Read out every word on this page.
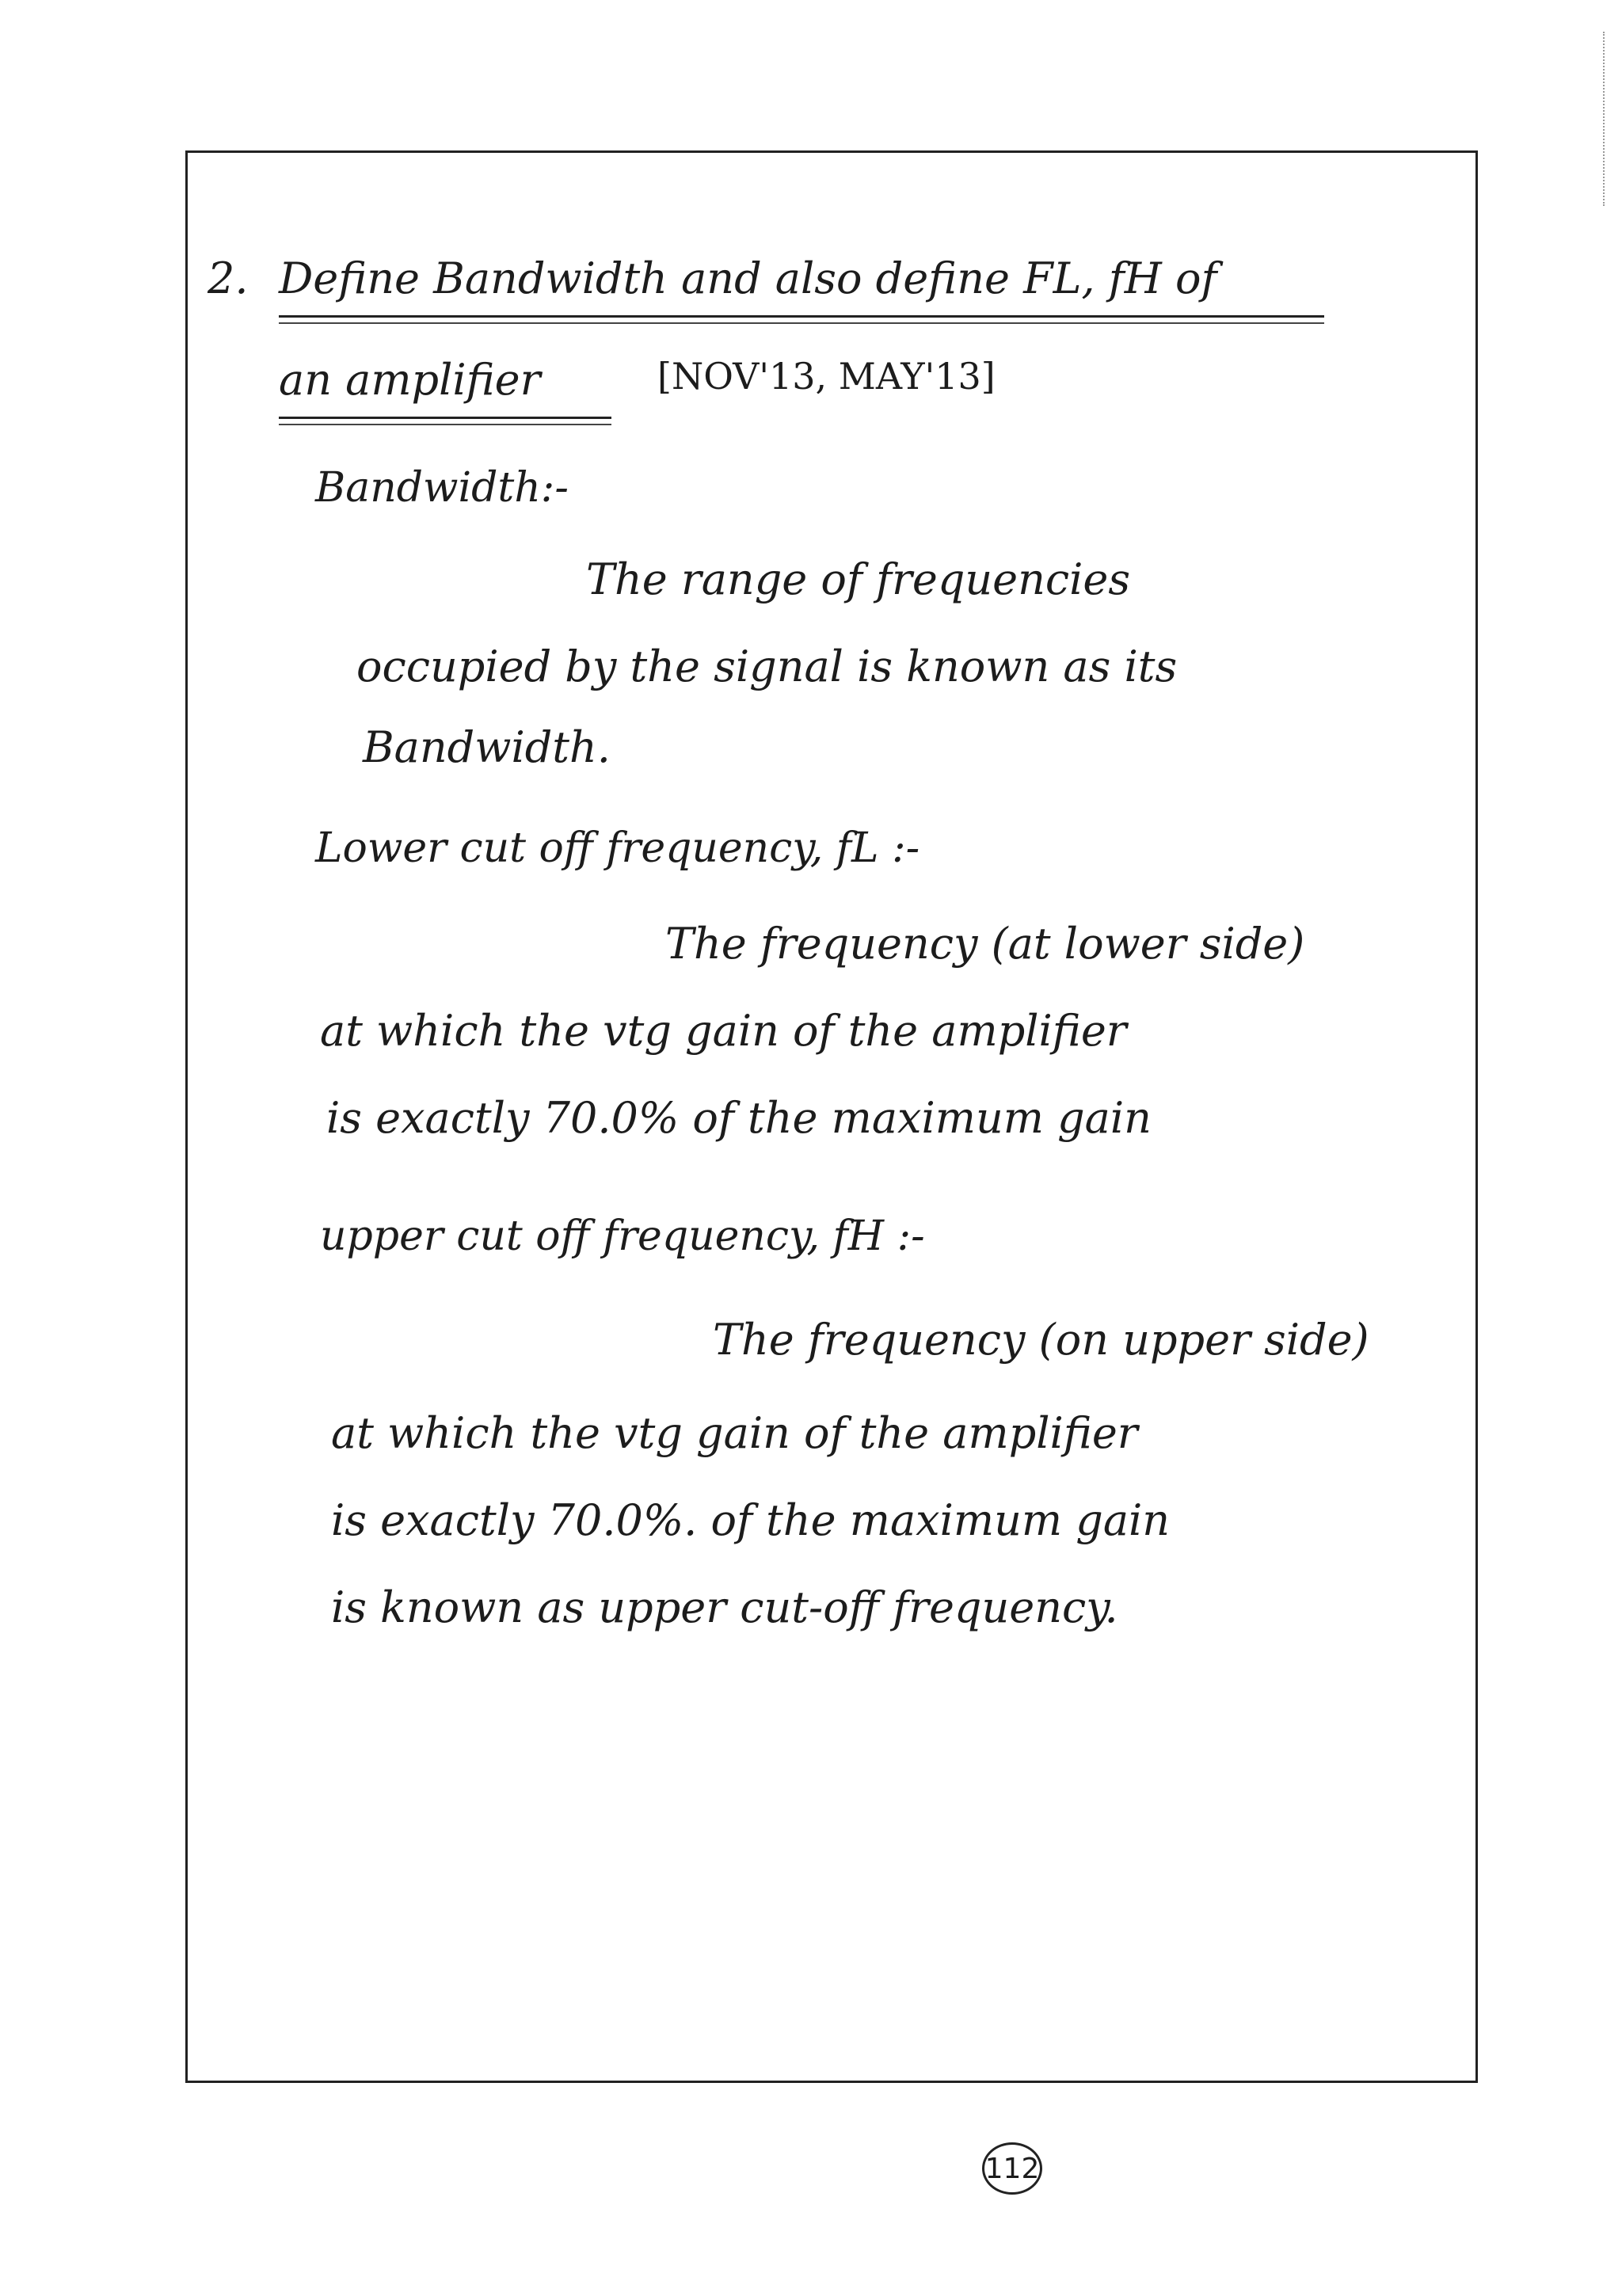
2. Define Bandwidth and also define FL, fH of
an amplifier	[NOV'13, MAY'13]
Bandwidth:-
The range of frequencies
occupied by the signal is known as its
Bandwidth.
Lower cut off frequency, fL :-
The frequency (at lower side)
at which the vtg gain of the amplifier
is exactly 70.0% of the maximum gain
upper cut off frequency, fH :-
The frequency (on upper side)
at which the vtg gain of the amplifier
is exactly 70.0%. of the maximum gain
is known as upper cut-off frequency.
112
